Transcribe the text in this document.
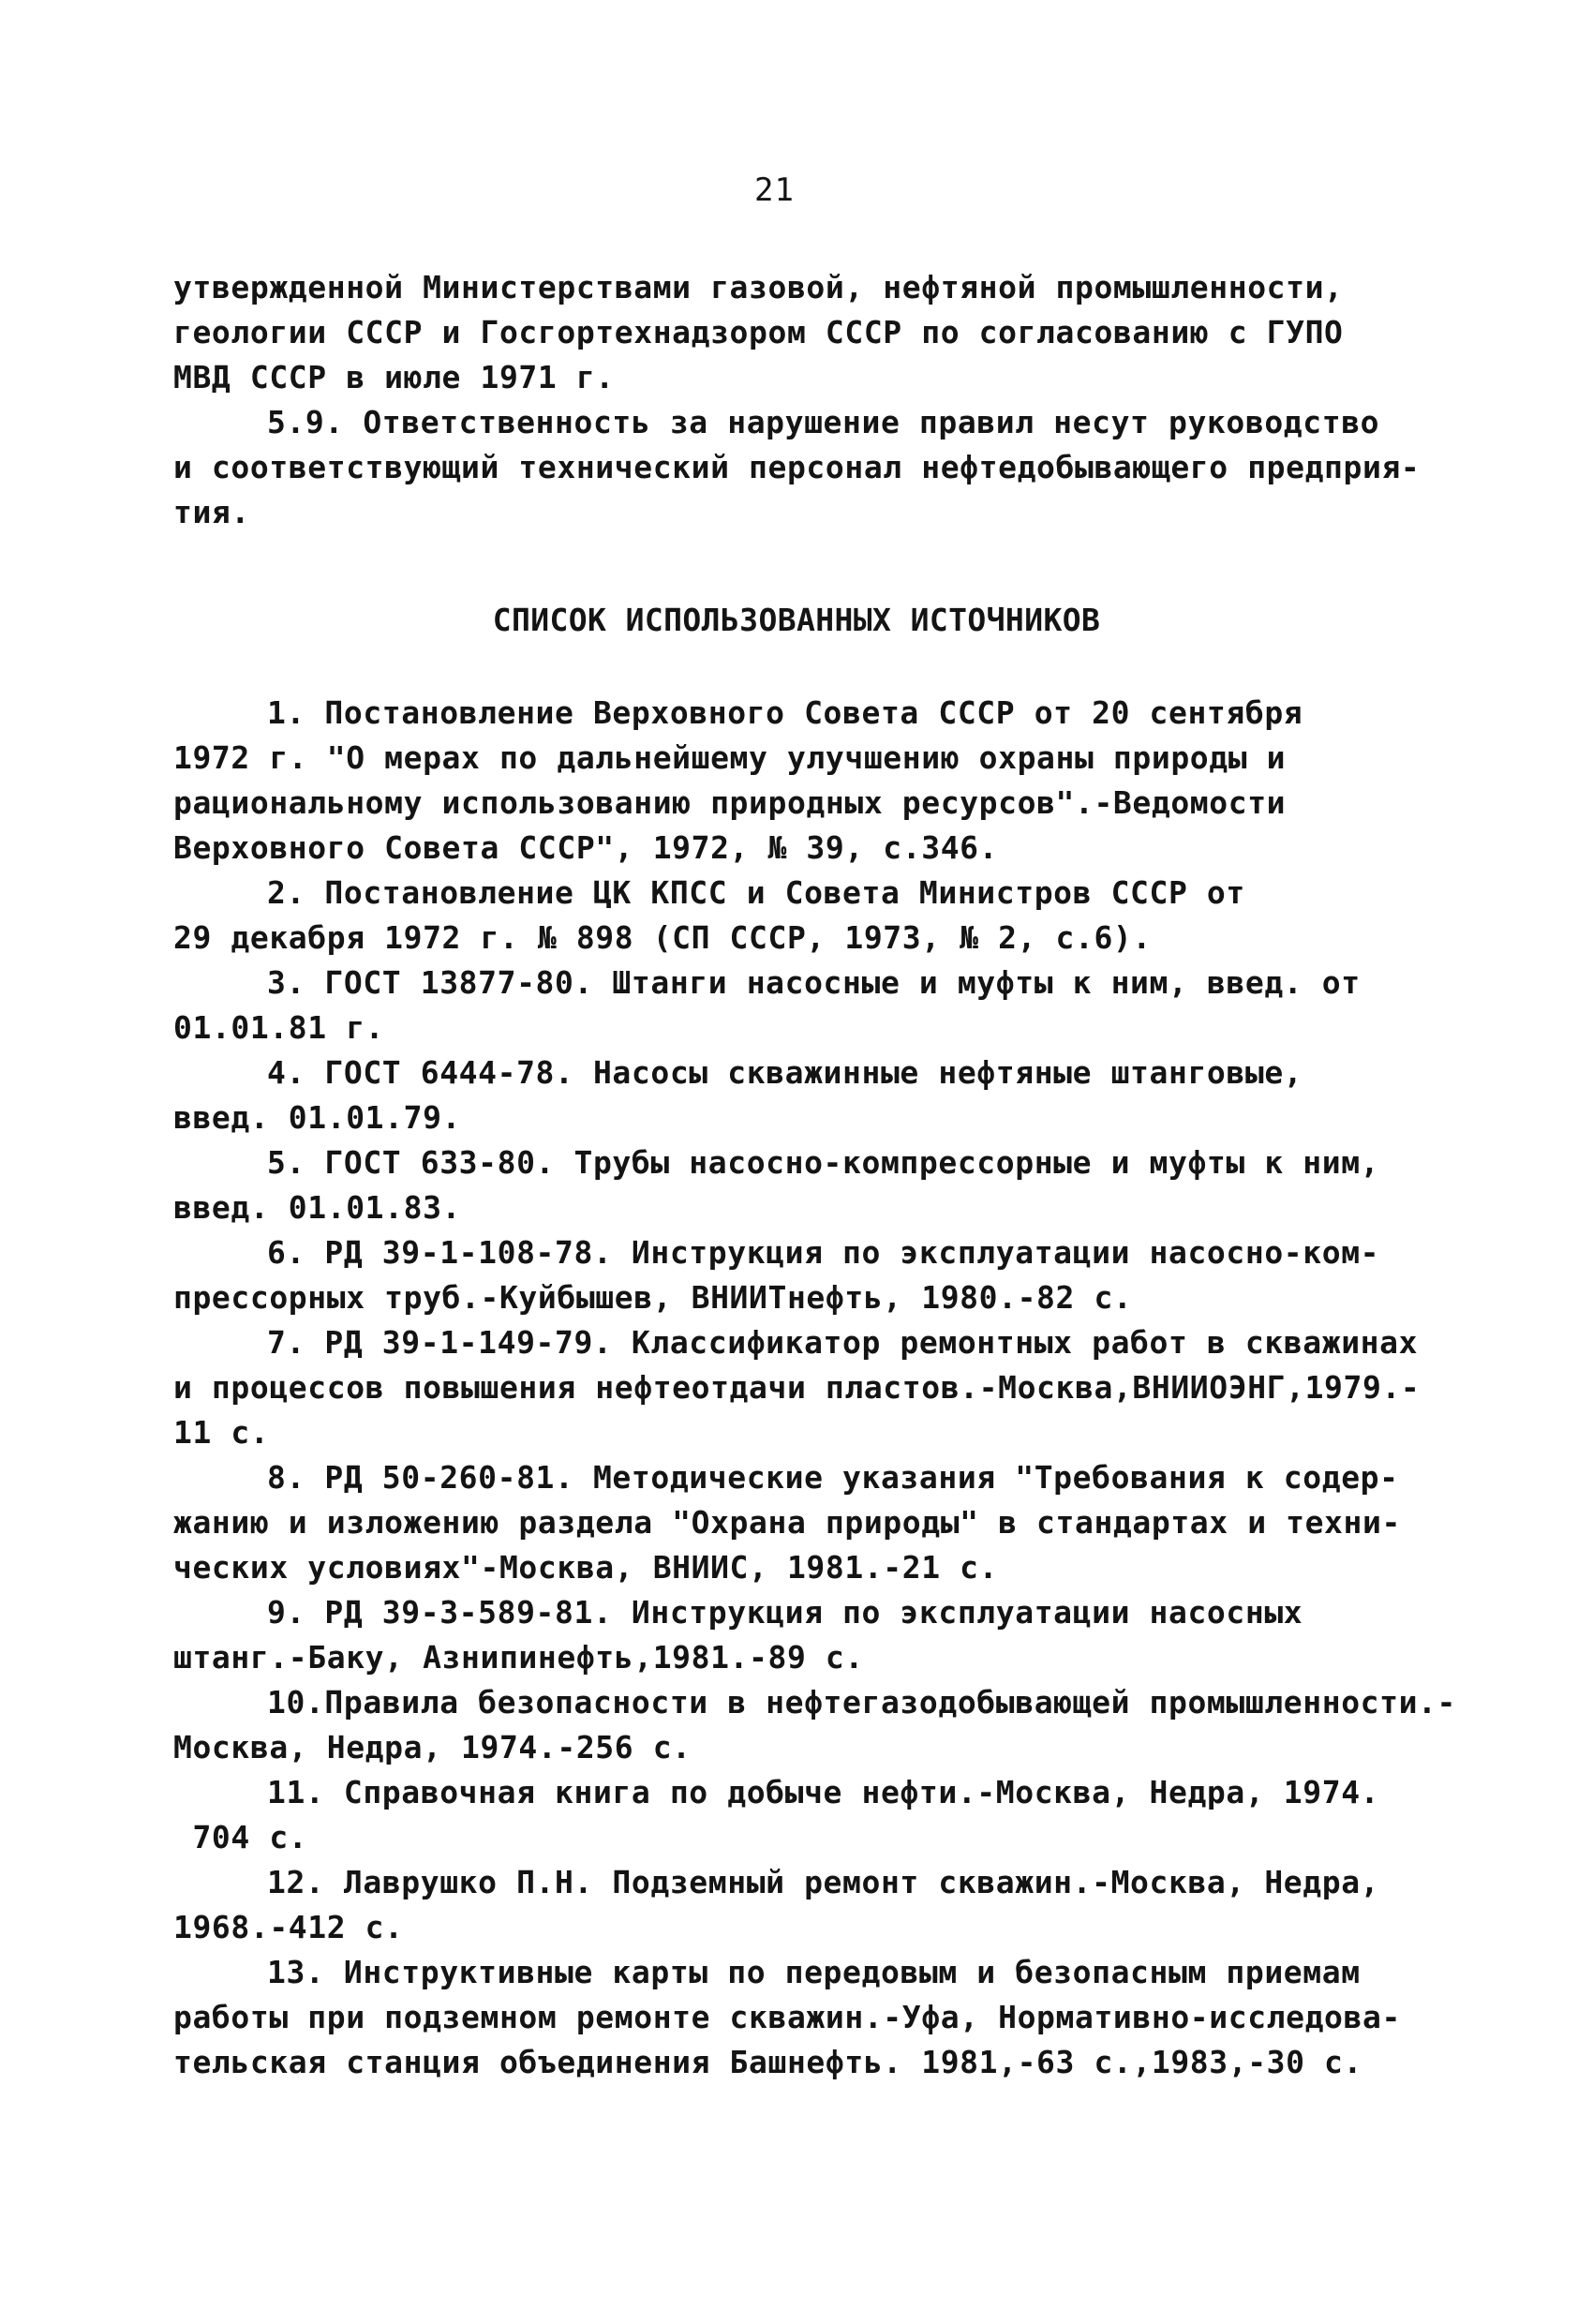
21
утвержденной Министерствами газовой, нефтяной промышленности,
геологии СССР и Госгортехнадзором СССР по согласованию с ГУПО
МВД СССР в июле 1971 г.
5.9. Ответственность за нарушение правил несут руководство
и соответствующий технический персонал нефтедобывающего предприя-
тия.
СПИСОК ИСПОЛЬЗОВАННЫХ ИСТОЧНИКОВ
1. Постановление Верховного Совета СССР от 20 сентября
1972 г. "О мерах по дальнейшему улучшению охраны природы и
рациональному использованию природных ресурсов".-Ведомости
Верховного Совета СССР", 1972, № 39, с.346.
2. Постановление ЦК КПСС и Совета Министров СССР от
29 декабря 1972 г. № 898 (СП СССР, 1973, № 2, с.6).
3. ГОСТ 13877-80. Штанги насосные и муфты к ним, введ. от
01.01.81 г.
4. ГОСТ 6444-78. Насосы скважинные нефтяные штанговые,
введ. 01.01.79.
5. ГОСТ 633-80. Трубы насосно-компрессорные и муфты к ним,
введ. 01.01.83.
6. РД 39-1-108-78. Инструкция по эксплуатации насосно-ком-
прессорных труб.-Куйбышев, ВНИИТнефть, 1980.-82 с.
7. РД 39-1-149-79. Классификатор ремонтных работ в скважинах
и процессов повышения нефтеотдачи пластов.-Москва,ВНИИОЭНГ,1979.-
11 с.
8. РД 50-260-81. Методические указания "Требования к содер-
жанию и изложению раздела "Охрана природы" в стандартах и техни-
ческих условиях"-Москва, ВНИИС, 1981.-21 с.
9. РД 39-3-589-81. Инструкция по эксплуатации насосных
штанг.-Баку, Азнипинефть,1981.-89 с.
10.Правила безопасности в нефтегазодобывающей промышленности.-
Москва, Недра, 1974.-256 с.
11. Справочная книга по добыче нефти.-Москва, Недра, 1974.
704 с.
12. Лаврушко П.Н. Подземный ремонт скважин.-Москва, Недра,
1968.-412 с.
13. Инструктивные карты по передовым и безопасным приемам
работы при подземном ремонте скважин.-Уфа, Нормативно-исследова-
тельская станция объединения Башнефть. 1981,-63 с.,1983,-30 с.
